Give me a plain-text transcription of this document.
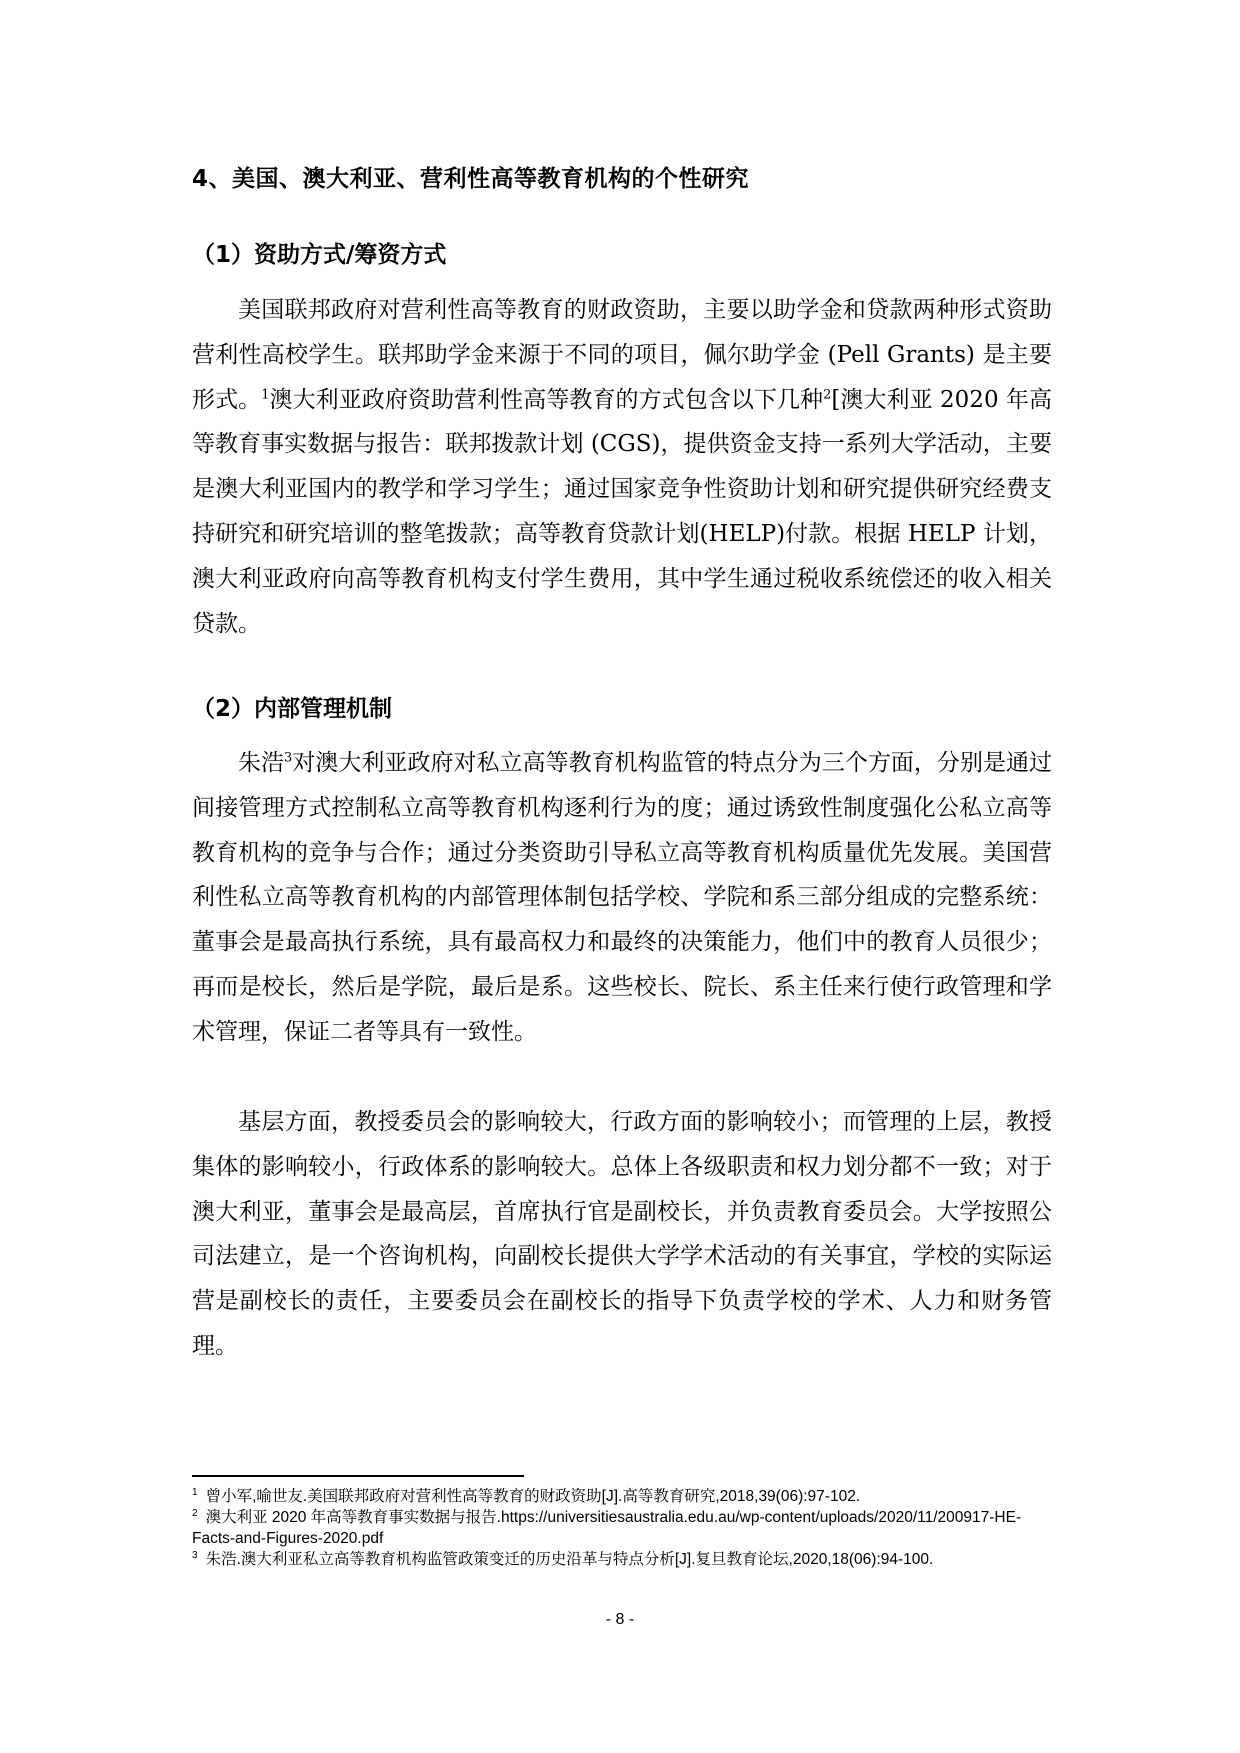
4、美国、澳大利亚、营利性高等教育机构的个性研究
（1）资助方式/筹资方式

美国联邦政府对营利性高等教育的财政资助，主要以助学金和贷款两种形式资助营利性高校学生。联邦助学金来源于不同的项目，佩尔助学金 (Pell Grants) 是主要形式。$^1$澳大利亚政府资助营利性高等教育的方式包含以下几种$^2$[澳大利亚 2020 年高等教育事实数据与报告：联邦拨款计划 (CGS)，提供资金支持一系列大学活动，主要是澳大利亚国内的教学和学习学生；通过国家竞争性资助计划和研究提供研究经费支持研究和研究培训的整笔拨款；高等教育贷款计划(HELP)付款。根据 HELP 计划，澳大利亚政府向高等教育机构支付学生费用，其中学生通过税收系统偿还的收入相关贷款。

（2）内部管理机制

朱浩$^3$对澳大利亚政府对私立高等教育机构监管的特点分为三个方面，分别是通过间接管理方式控制私立高等教育机构逐利行为的度；通过诱致性制度强化公私立高等教育机构的竞争与合作；通过分类资助引导私立高等教育机构质量优先发展。美国营利性私立高等教育机构的内部管理体制包括学校、学院和系三部分组成的完整系统：董事会是最高执行系统，具有最高权力和最终的决策能力，他们中的教育人员很少；再而是校长，然后是学院，最后是系。这些校长、院长、系主任来行使行政管理和学术管理，保证二者等具有一致性。

基层方面，教授委员会的影响较大，行政方面的影响较小；而管理的上层，教授集体的影响较小，行政体系的影响较大。总体上各级职责和权力划分都不一致；对于澳大利亚，董事会是最高层，首席执行官是副校长，并负责教育委员会。大学按照公司法建立，是一个咨询机构，向副校长提供大学学术活动的有关事宜，学校的实际运营是副校长的责任，主要委员会在副校长的指导下负责学校的学术、人力和财务管理。

$^1$ 曾小军,喻世友.美国联邦政府对营利性高等教育的财政资助[J].高等教育研究,2018,39(06):97-102.

$^2$ 澳大利亚 2020 年高等教育事实数据与报告.https://universitiesaustralia.edu.au/wp-content/uploads/2020/11/200917-HE-Facts-and-Figures-2020.pdf

$^3$ 朱浩.澳大利亚私立高等教育机构监管政策变迁的历史沿革与特点分析[J].复旦教育论坛,2020,18(06):94-100.

- 8 -
